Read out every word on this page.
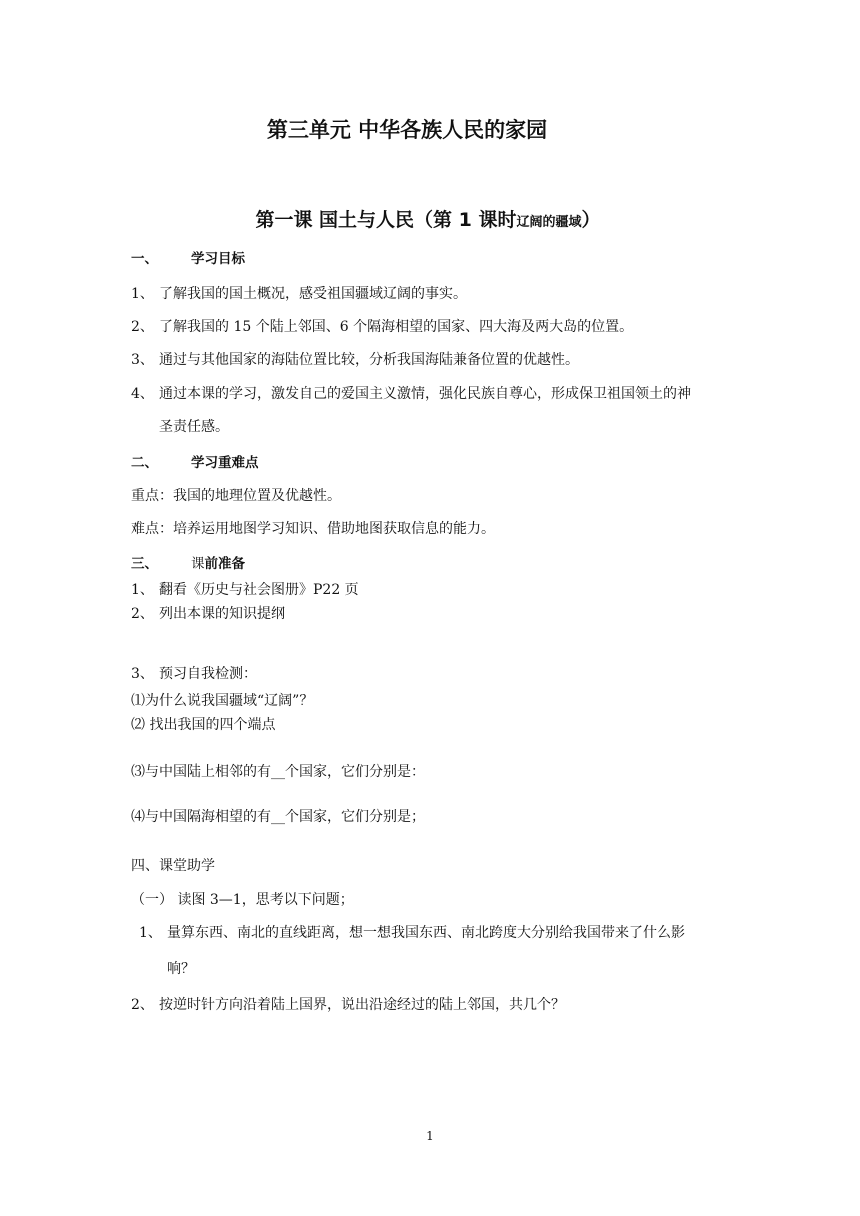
第三单元 中华各族人民的家园
第一课 国土与人民（第 1 课时辽阔的疆域）
一、 学习目标
1、 了解我国的国土概况，感受祖国疆域辽阔的事实。
2、 了解我国的 15 个陆上邻国、6 个隔海相望的国家、四大海及两大岛的位置。
3、 通过与其他国家的海陆位置比较，分析我国海陆兼备位置的优越性。
4、 通过本课的学习，激发自己的爱国主义激情，强化民族自尊心，形成保卫祖国领土的神
圣责任感。
二、 学习重难点
重点：我国的地理位置及优越性。
难点：培养运用地图学习知识、借助地图获取信息的能力。
三、 课前准备
1、 翻看《历史与社会图册》P22 页
2、 列出本课的知识提纲
3、 预习自我检测：
⑴为什么说我国疆域“辽阔”？
⑵ 找出我国的四个端点
⑶与中国陆上相邻的有__个国家，它们分别是：
⑷与中国隔海相望的有__个国家，它们分别是；
四、课堂助学
（一） 读图 3—1，思考以下问题；
1、 量算东西、南北的直线距离，想一想我国东西、南北跨度大分别给我国带来了什么影
响？
2、 按逆时针方向沿着陆上国界，说出沿途经过的陆上邻国，共几个？
1
